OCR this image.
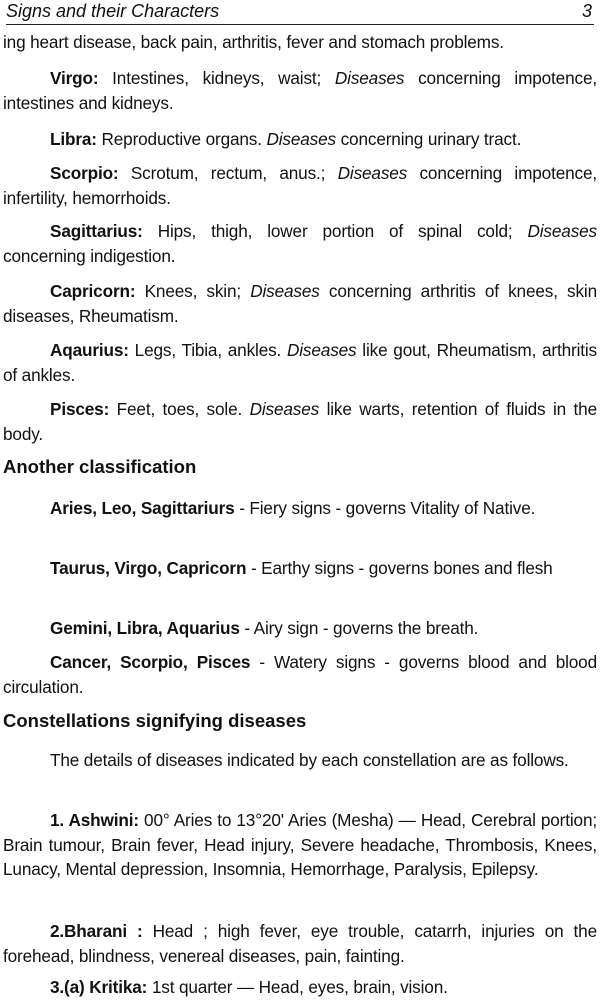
Signs and their Characters	3

ing heart disease, back pain, arthritis, fever and stomach problems.

Virgo: Intestines, kidneys, waist; Diseases concerning impotence, intestines and kidneys.

Libra: Reproductive organs. Diseases concerning urinary tract.

Scorpio: Scrotum, rectum, anus.; Diseases concerning impotence, infertility, hemorrhoids.

Sagittarius: Hips, thigh, lower portion of spinal cold; Diseases concerning indigestion.

Capricorn: Knees, skin; Diseases concerning arthritis of knees, skin diseases, Rheumatism.

Aqaurius: Legs, Tibia, ankles. Diseases like gout, Rheumatism, arthritis of ankles.

Pisces: Feet, toes, sole. Diseases like warts, retention of fluids in the body.

Another classification

Aries, Leo, Sagittariurs - Fiery signs - governs Vitality of Native.

Taurus, Virgo, Capricorn - Earthy signs - governs bones and flesh

Gemini, Libra, Aquarius - Airy sign - governs the breath.

Cancer, Scorpio, Pisces - Watery signs - governs blood and blood circulation.

Constellations signifying diseases

The details of diseases indicated by each constellation are as follows.

1. Ashwini: 00° Aries to 13°20' Aries (Mesha) — Head, Cerebral portion; Brain tumour, Brain fever, Head injury, Severe headache, Thrombosis, Knees, Lunacy, Mental depression, Insomnia, Hemorrhage, Paralysis, Epilepsy.

2.Bharani : Head ; high fever, eye trouble, catarrh, injuries on the forehead, blindness, venereal diseases, pain, fainting.

3.(a) Kritika: 1st quarter — Head, eyes, brain, vision.
